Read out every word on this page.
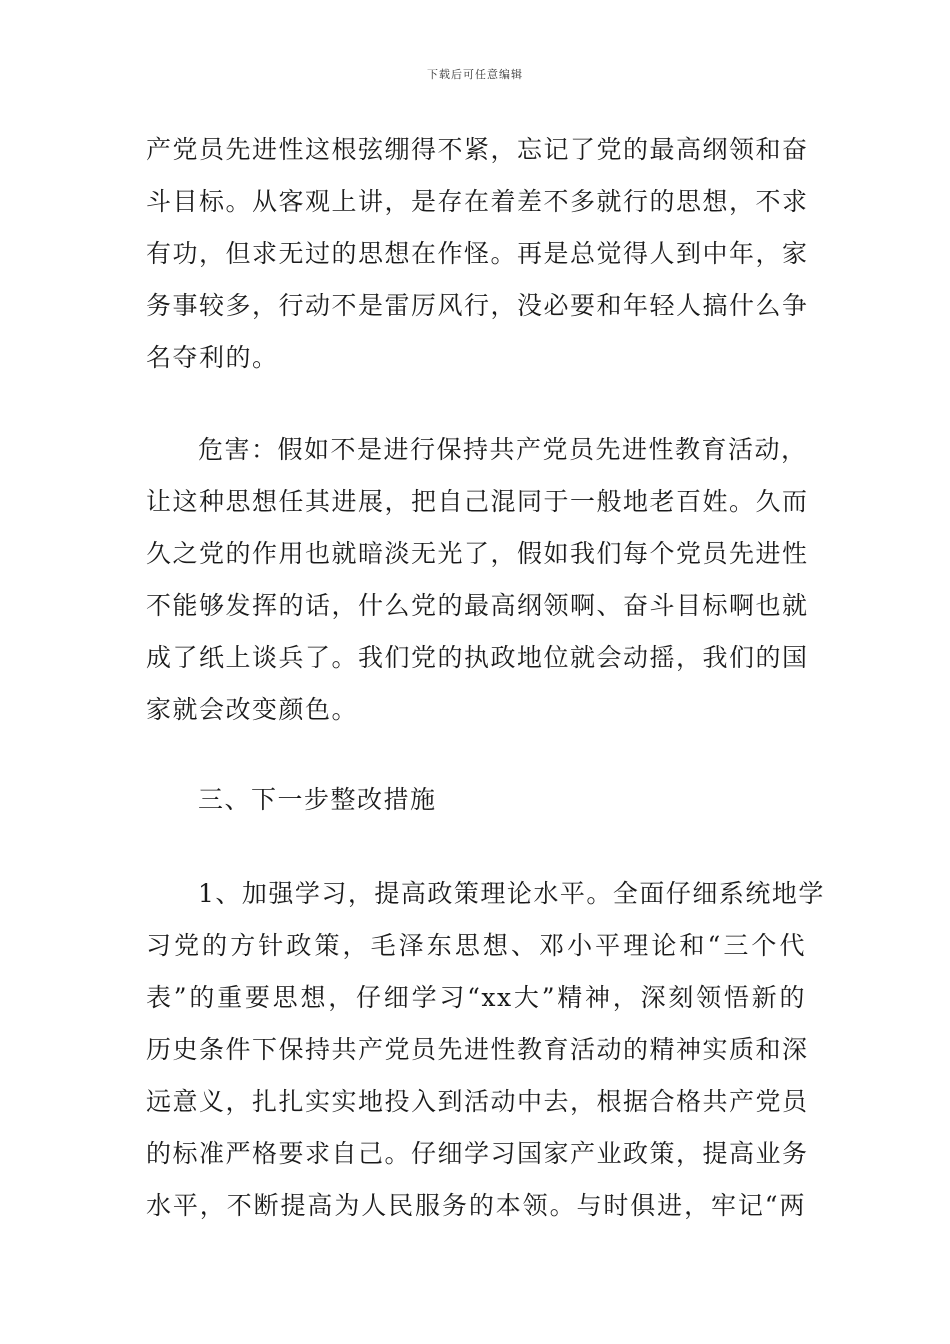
下载后可任意编辑
产党员先进性这根弦绷得不紧，忘记了党的最高纲领和奋
斗目标。从客观上讲，是存在着差不多就行的思想，不求
有功，但求无过的思想在作怪。再是总觉得人到中年，家
务事较多，行动不是雷厉风行，没必要和年轻人搞什么争
名夺利的。
危害：假如不是进行保持共产党员先进性教育活动，
让这种思想任其进展，把自己混同于一般地老百姓。久而
久之党的作用也就暗淡无光了，假如我们每个党员先进性
不能够发挥的话，什么党的最高纲领啊、奋斗目标啊也就
成了纸上谈兵了。我们党的执政地位就会动摇，我们的国
家就会改变颜色。
三、下一步整改措施
1、加强学习，提高政策理论水平。全面仔细系统地学
习党的方针政策，毛泽东思想、邓小平理论和“三个代
表”的重要思想，仔细学习“xx大”精神，深刻领悟新的
历史条件下保持共产党员先进性教育活动的精神实质和深
远意义，扎扎实实地投入到活动中去，根据合格共产党员
的标准严格要求自己。仔细学习国家产业政策，提高业务
水平，不断提高为人民服务的本领。与时俱进，牢记“两
